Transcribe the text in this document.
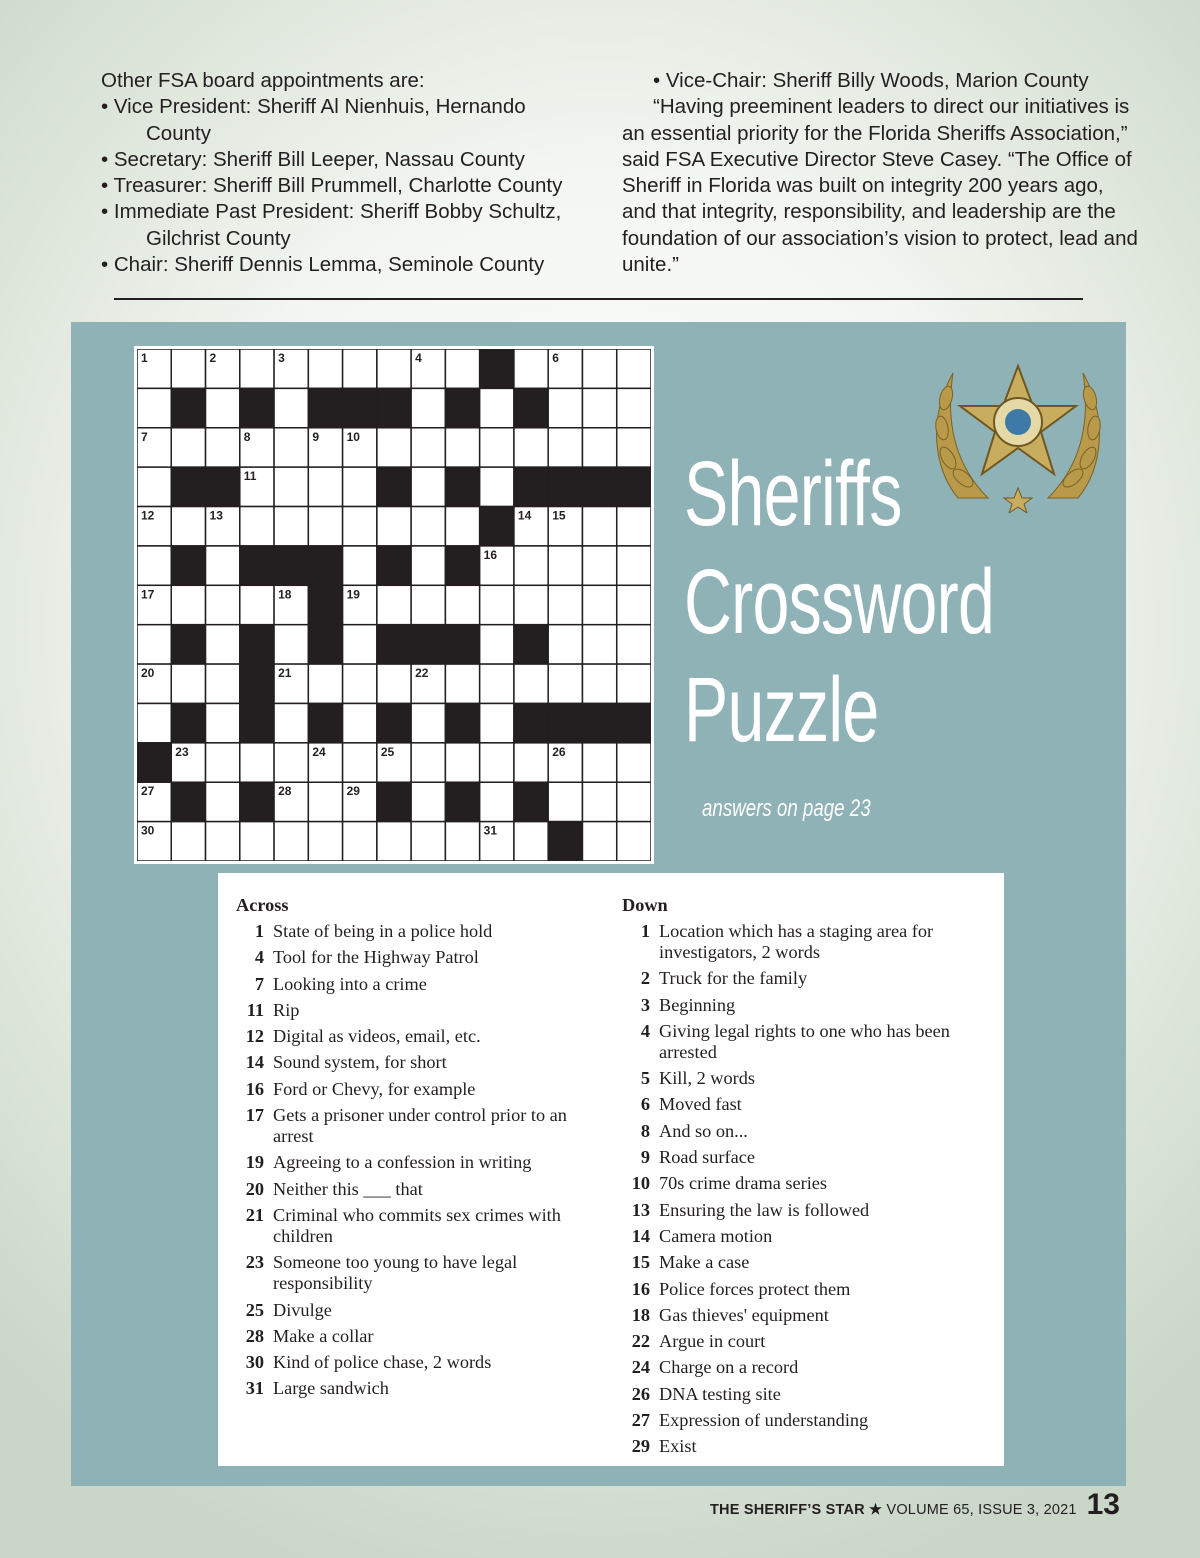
Other FSA board appointments are:

• Vice President: Sheriff Al Nienhuis, Hernando

County

• Secretary: Sheriff Bill Leeper, Nassau County

• Treasurer: Sheriff Bill Prummell, Charlotte County

• Immediate Past President: Sheriff Bobby Schultz,

Gilchrist County

• Chair: Sheriff Dennis Lemma, Seminole County

• Vice-Chair: Sheriff Billy Woods, Marion County

“Having preeminent leaders to direct our initiatives is an essential priority for the Florida Sheriffs Association,” said FSA Executive Director Steve Casey. “The Office of Sheriff in Florida was built on integrity 200 years ago, and that integrity, responsibility, and leadership are the foundation of our association’s vision to protect, lead and unite.”

1	2	3	4	5	6
7	8	9 10
11
12	13	14 15
16
17	18	19
20	21	22
23	24	25	26
27	28	29
30	31
Sheriffs
Crossword
Puzzle
answers on page 23
Across
1 State of being in a police hold
4 Tool for the Highway Patrol
7 Looking into a crime
11 Rip
12 Digital as videos, email, etc.
14 Sound system, for short
16 Ford or Chevy, for example
17 Gets a prisoner under control prior to an arrest
19 Agreeing to a confession in writing
20 Neither this ___ that
21 Criminal who commits sex crimes with children
23 Someone too young to have legal responsibility
25 Divulge
28 Make a collar
30 Kind of police chase, 2 words
31 Large sandwich
Down
1 Location which has a staging area for investigators, 2 words
2 Truck for the family
3 Beginning
4 Giving legal rights to one who has been arrested
5 Kill, 2 words
6 Moved fast
8 And so on...
9 Road surface
10 70s crime drama series
13 Ensuring the law is followed
14 Camera motion
15 Make a case
16 Police forces protect them
18 Gas thieves' equipment
22 Argue in court
24 Charge on a record
26 DNA testing site
27 Expression of understanding
29 Exist
THE SHERIFF’S STAR ★ VOLUME 65, ISSUE 3, 2021 13
